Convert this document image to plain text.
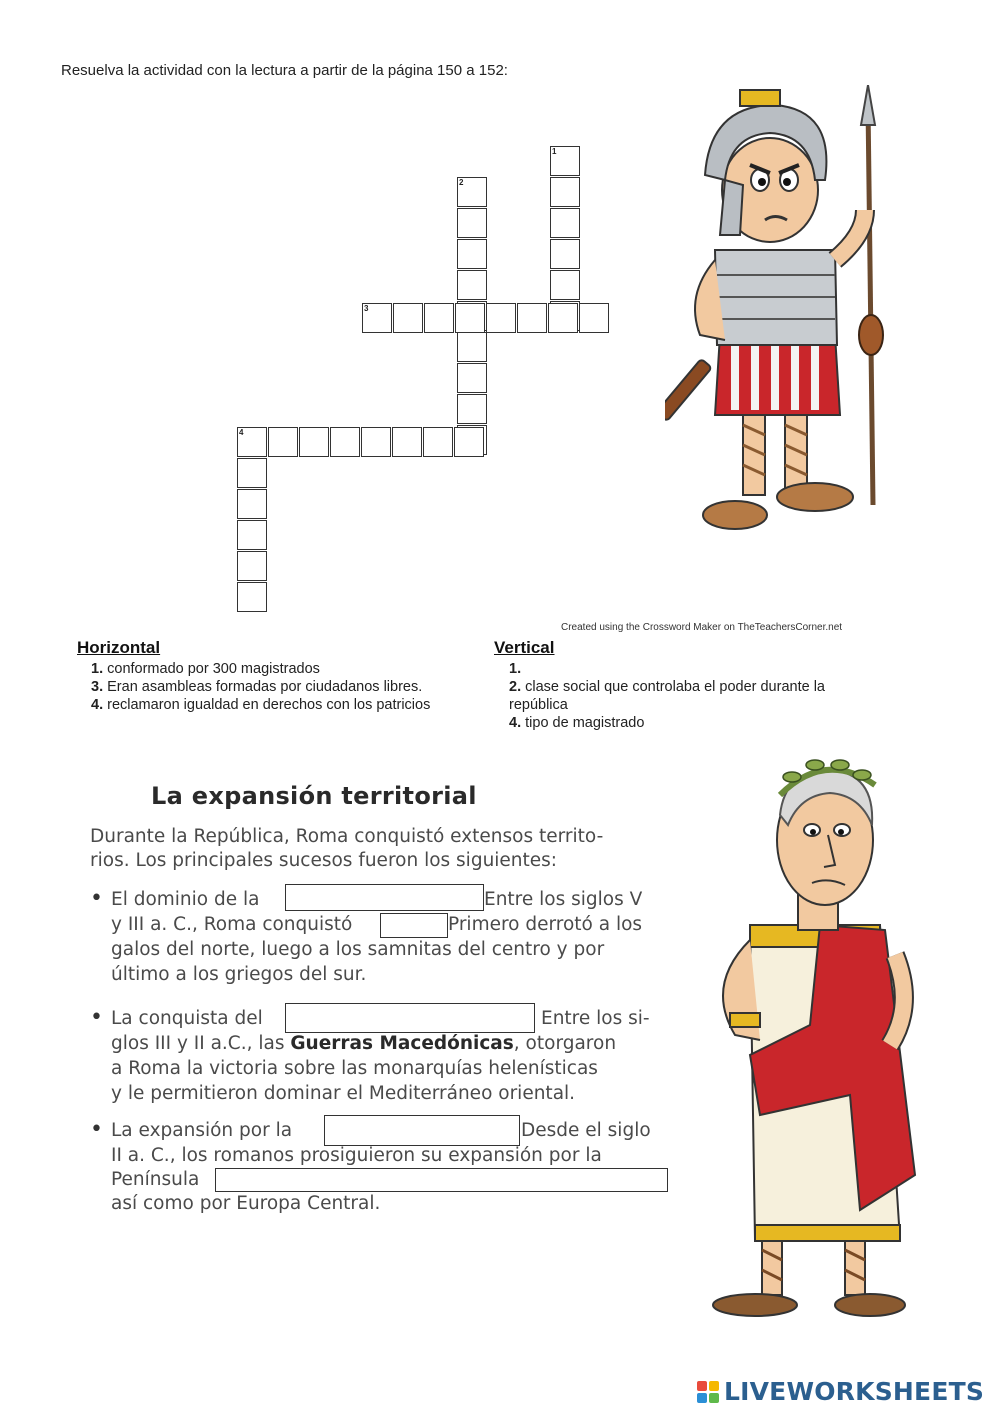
Resuelva la actividad con la lectura a partir de la página 150 a 152:
1
2
3
4
Created using the Crossword Maker on TheTeachersCorner.net
Horizontal
1. conformado por 300 magistrados
3. Eran asambleas formadas por ciudadanos libres.
4. reclamaron igualdad en derechos con los patricios
Vertical
1.
2. clase social que controlaba el poder durante la
república
4. tipo de magistrado
La expansión territorial
Durante la República, Roma conquistó extensos territo-
rios. Los principales sucesos fueron los siguientes:
• El dominio de la	Entre los siglos V
y III a. C., Roma conquistó	Primero derrotó a los
galos del norte, luego a los samnitas del centro y por
último a los griegos del sur.
• La conquista del	Entre los si-
glos III y II a.C., las Guerras Macedónicas, otorgaron
a Roma la victoria sobre las monarquías helenísticas
y le permitieron dominar el Mediterráneo oriental.
• La expansión por la	Desde el siglo
II a. C., los romanos prosiguieron su expansión por la
Península
así como por Europa Central.
LIVEWORKSHEETS
